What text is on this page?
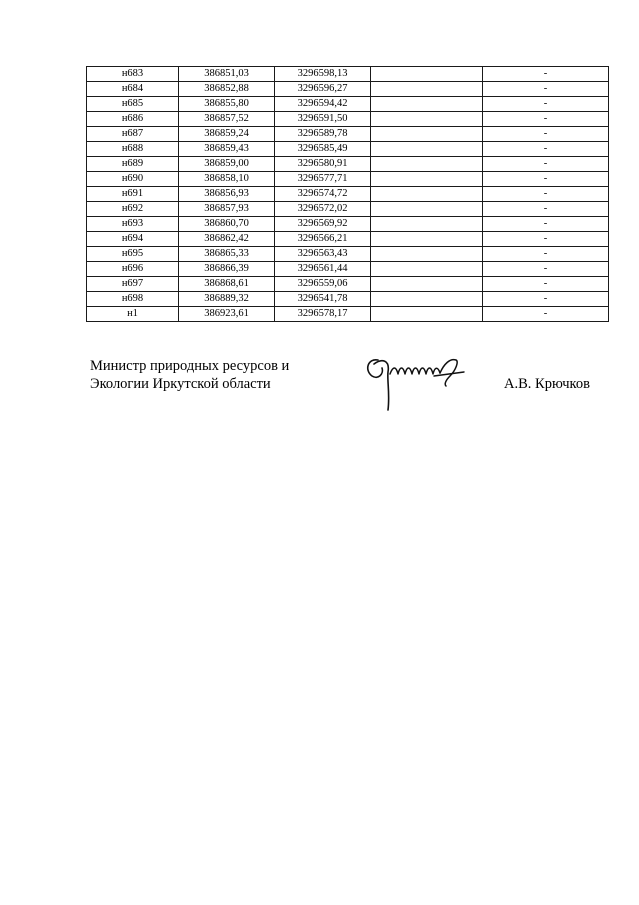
н683	386851,03	3296598,13		-
н684	386852,88	3296596,27		-
н685	386855,80	3296594,42		-
н686	386857,52	3296591,50		-
н687	386859,24	3296589,78		-
н688	386859,43	3296585,49		-
н689	386859,00	3296580,91		-
н690	386858,10	3296577,71		-
н691	386856,93	3296574,72		-
н692	386857,93	3296572,02		-
н693	386860,70	3296569,92		-
н694	386862,42	3296566,21		-
н695	386865,33	3296563,43		-
н696	386866,39	3296561,44		-
н697	386868,61	3296559,06		-
н698	386889,32	3296541,78		-
н1	386923,61	3296578,17		-
Министр природных ресурсов и
Экологии Иркутской области	А.В. Крючков
